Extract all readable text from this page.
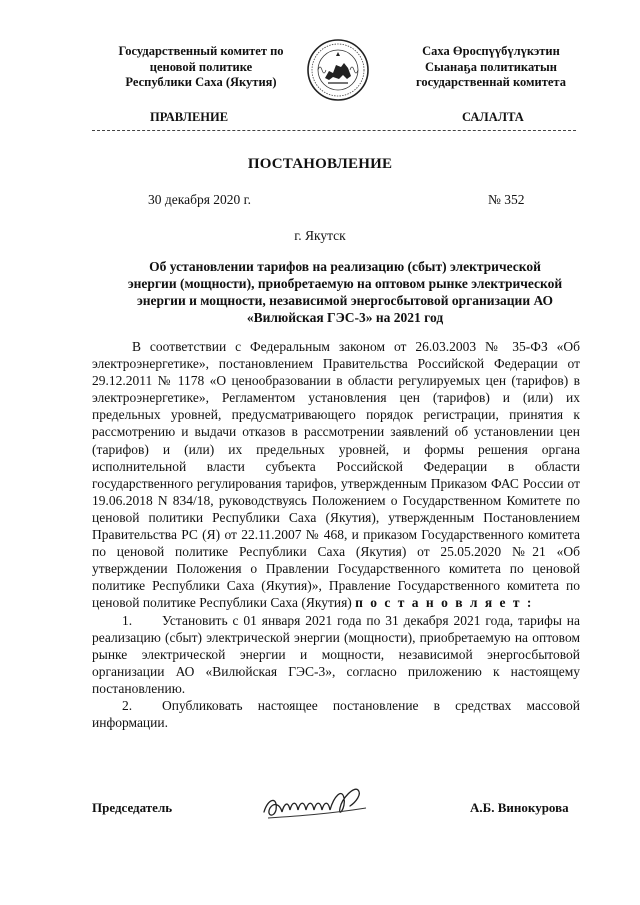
Государственный комитет по
ценовой политике
Республики Саха (Якутия)
Саха Өроспүүбүлүкэтин
Сыанаҕа политикатын
государственнай комитета
ПРАВЛЕНИЕ	САЛАЛТА
ПОСТАНОВЛЕНИЕ
30 декабря 2020 г.	№ 352
г. Якутск
Об установлении тарифов на реализацию (сбыт) электрической
энергии (мощности), приобретаемую на оптовом рынке электрической
энергии и мощности, независимой энергосбытовой организации АО
«Вилюйская ГЭС-3» на 2021 год

В соответствии с Федеральным законом от 26.03.2003 № 35-ФЗ «Об электроэнергетике», постановлением Правительства Российской Федерации от 29.12.2011 № 1178 «О ценообразовании в области регулируемых цен (тарифов) в электроэнергетике», Регламентом установления цен (тарифов) и (или) их предельных уровней, предусматривающего порядок регистрации, принятия к рассмотрению и выдачи отказов в рассмотрении заявлений об установлении цен (тарифов) и (или) их предельных уровней, и формы решения органа исполнительной власти субъекта Российской Федерации в области государственного регулирования тарифов, утвержденным Приказом ФАС России от 19.06.2018 N 834/18, руководствуясь Положением о Государственном Комитете по ценовой политики Республики Саха (Якутия), утвержденным Постановлением Правительства РС (Я) от 22.11.2007 № 468, и приказом Государственного комитета по ценовой политике Республики Саха (Якутия) от 25.05.2020 №21 «Об утверждении Положения о Правлении Государственного комитета по ценовой политике Республики Саха (Якутия)», Правление Государственного комитета по ценовой политике Республики Саха (Якутия) п о с т а н о в л я е т :

1. Установить с 01 января 2021 года по 31 декабря 2021 года, тарифы на реализацию (сбыт) электрической энергии (мощности), приобретаемую на оптовом рынке электрической энергии и мощности, независимой энергосбытовой организации АО «Вилюйская ГЭС-3», согласно приложению к настоящему постановлению.

2. Опубликовать настоящее постановление в средствах массовой информации.

Председатель	А.Б. Винокурова
